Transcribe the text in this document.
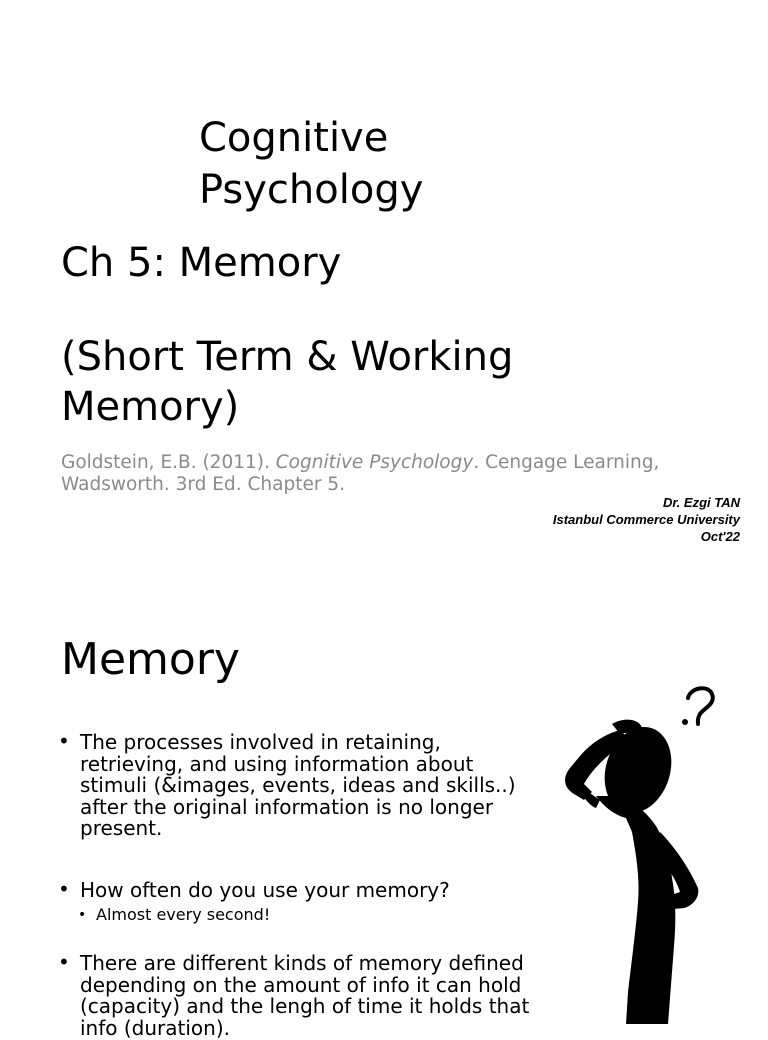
Cognitive
Psychology
Ch 5: Memory
(Short Term & Working
Memory)
Goldstein, E.B. (2011). Cognitive Psychology. Cengage Learning, Wadsworth. 3rd Ed. Chapter 5.
Dr. Ezgi TAN
Istanbul Commerce University
Oct'22
Memory
• The processes involved in retaining, retrieving, and using information about stimuli (&images, events, ideas and skills..) after the original information is no longer present.
• How often do you use your memory?
• Almost every second!
• There are different kinds of memory defined depending on the amount of info it can hold (capacity) and the lengh of time it holds that info (duration).
